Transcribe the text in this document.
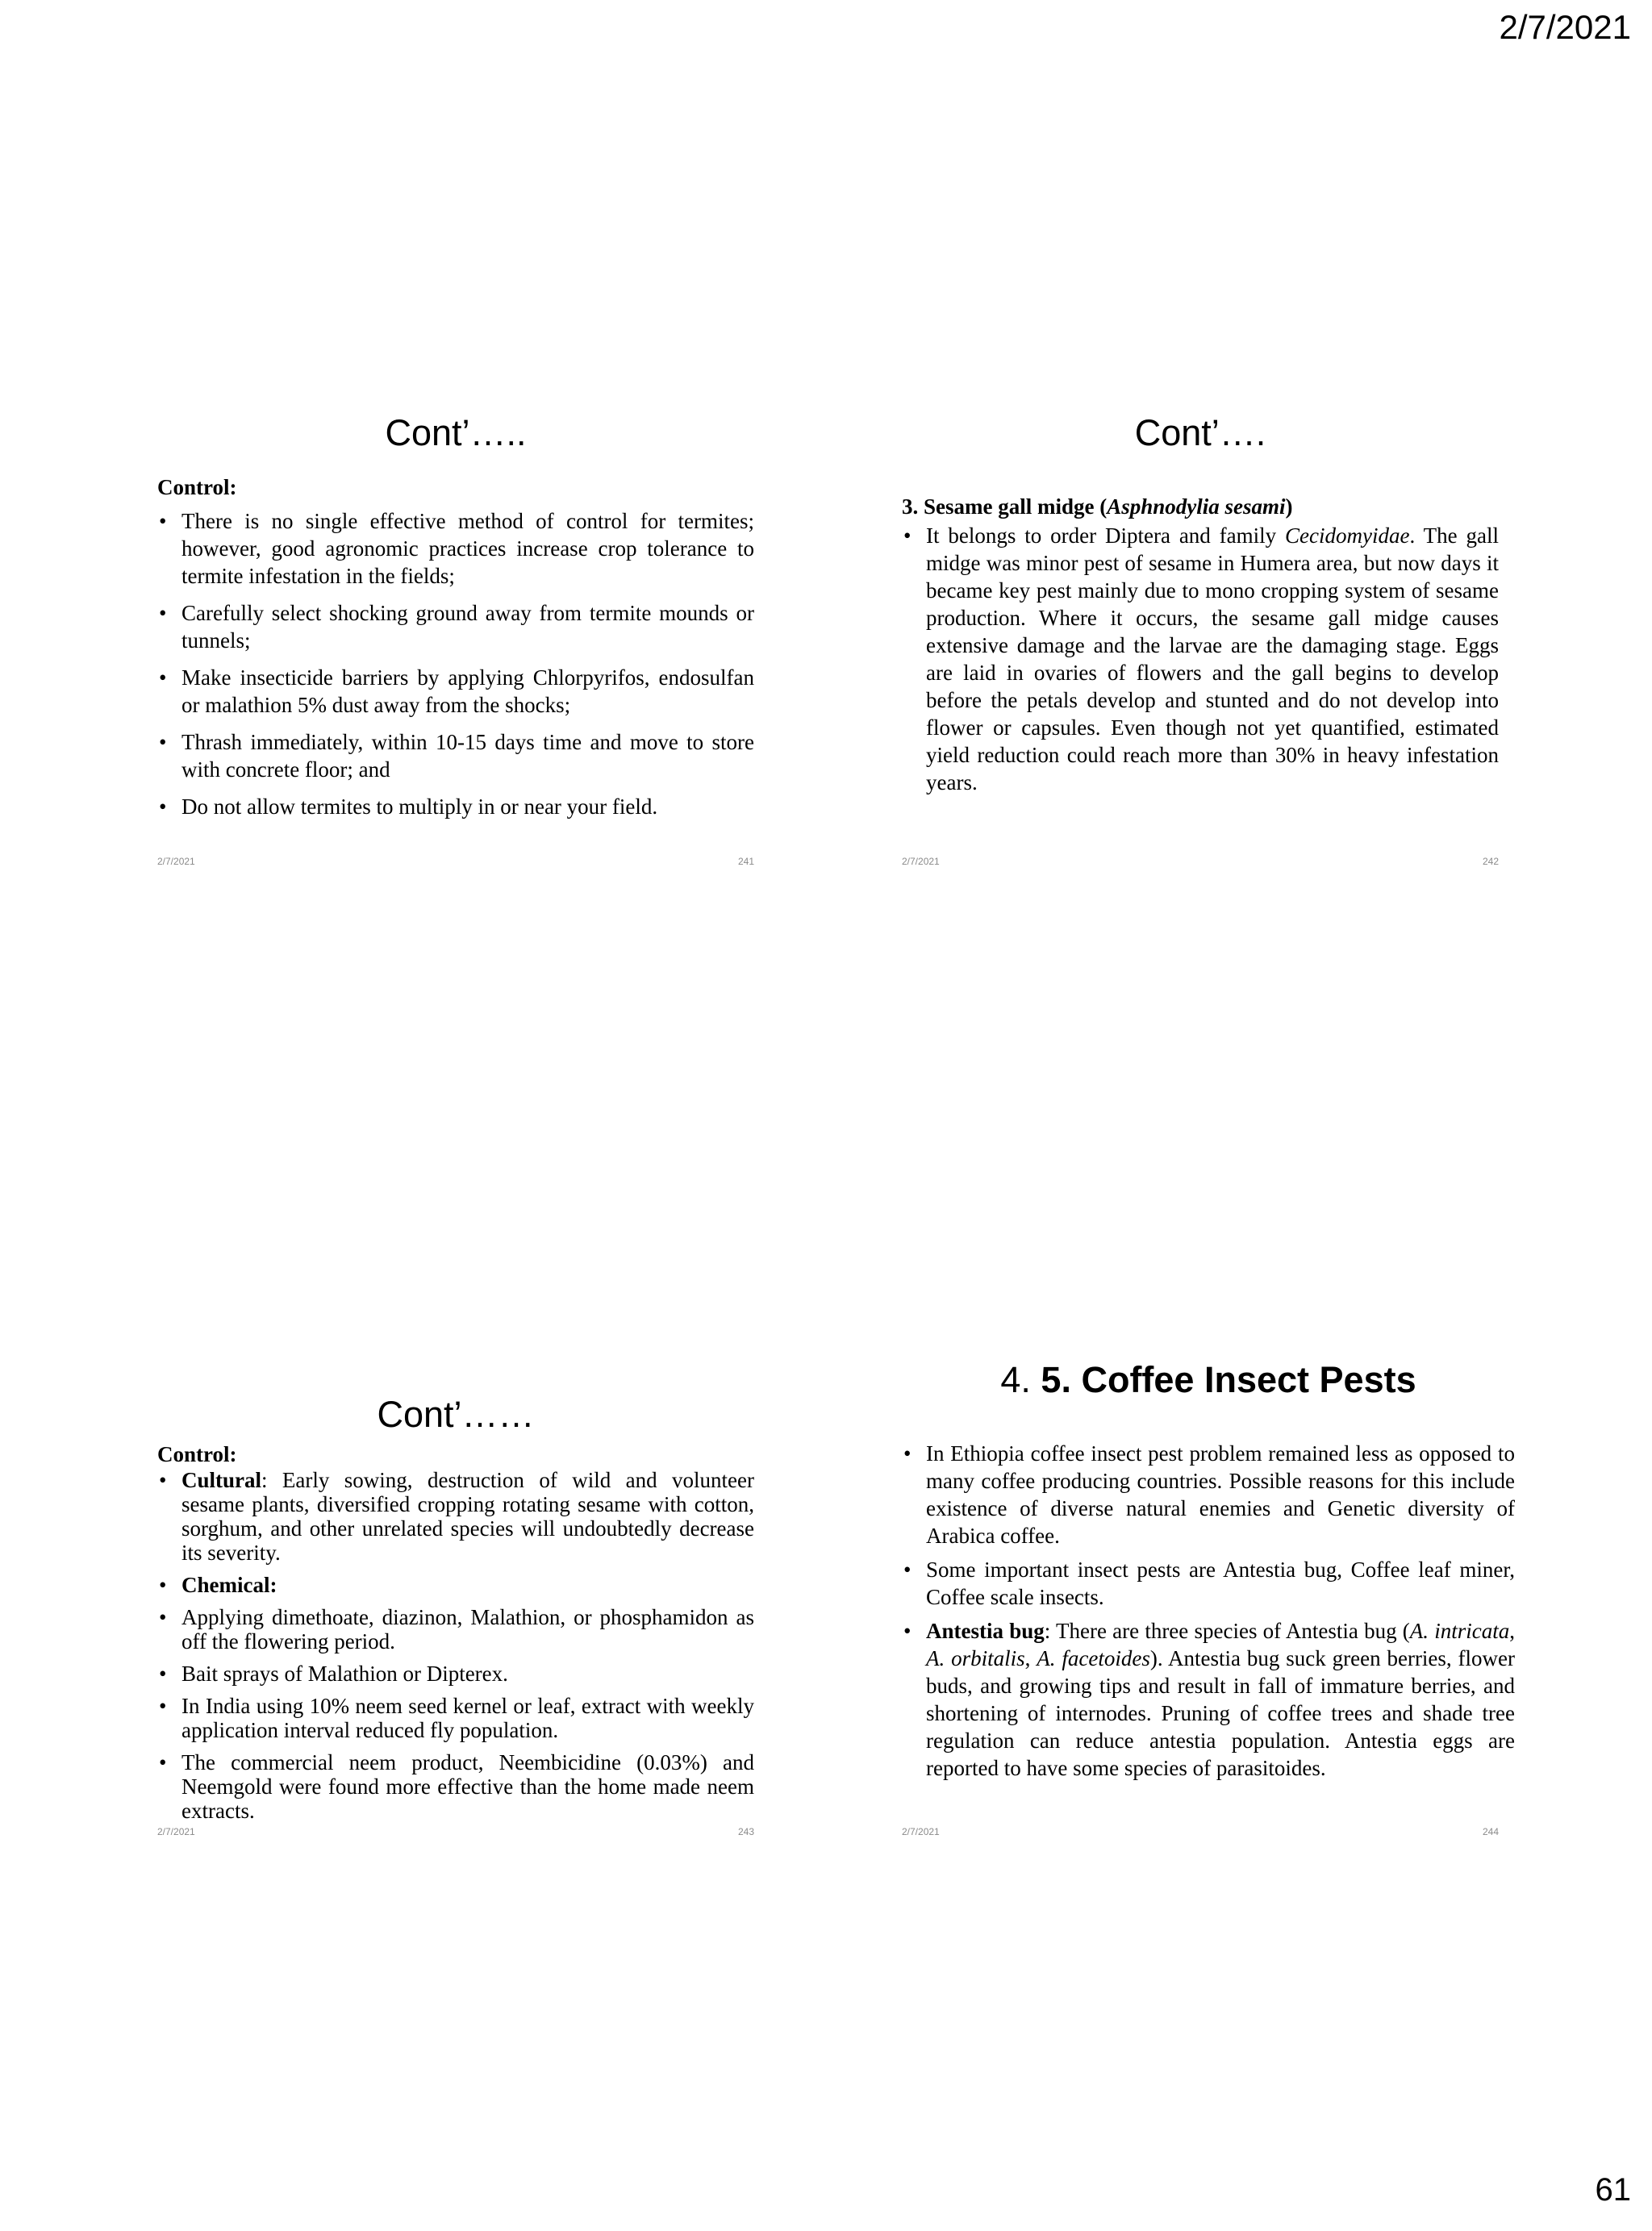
2/7/2021
Cont’…..
Control:
• There is no single effective method of control for termites; however, good agronomic practices increase crop tolerance to termite infestation in the fields;
• Carefully select shocking ground away from termite mounds or tunnels;
• Make insecticide barriers by applying Chlorpyrifos, endosulfan or malathion 5% dust away from the shocks;
• Thrash immediately, within 10-15 days time and move to store with concrete floor; and
• Do not allow termites to multiply in or near your field.
2/7/2021	241
Cont’….
3. Sesame gall midge (Asphnodylia sesami)
• It belongs to order Diptera and family Cecidomyidae. The gall midge was minor pest of sesame in Humera area, but now days it became key pest mainly due to mono cropping system of sesame production. Where it occurs, the sesame gall midge causes extensive damage and the larvae are the damaging stage. Eggs are laid in ovaries of flowers and the gall begins to develop before the petals develop and stunted and do not develop into flower or capsules. Even though not yet quantified, estimated yield reduction could reach more than 30% in heavy infestation years.
2/7/2021	242
Cont’……
Control:
• Cultural: Early sowing, destruction of wild and volunteer sesame plants, diversified cropping rotating sesame with cotton, sorghum, and other unrelated species will undoubtedly decrease its severity.
• Chemical:
• Applying dimethoate, diazinon, Malathion, or phosphamidon as off the flowering period.
• Bait sprays of Malathion or Dipterex.
• In India using 10% neem seed kernel or leaf, extract with weekly application interval reduced fly population.
• The commercial neem product, Neembicidine (0.03%) and Neemgold were found more effective than the home made neem extracts.
2/7/2021	243
4. 5. Coffee Insect Pests
• In Ethiopia coffee insect pest problem remained less as opposed to many coffee producing countries. Possible reasons for this include existence of diverse natural enemies and Genetic diversity of Arabica coffee.
• Some important insect pests are Antestia bug, Coffee leaf miner, Coffee scale insects.
• Antestia bug: There are three species of Antestia bug (A. intricata, A. orbitalis, A. facetoides). Antestia bug suck green berries, flower buds, and growing tips and result in fall of immature berries, and shortening of internodes. Pruning of coffee trees and shade tree regulation can reduce antestia population. Antestia eggs are reported to have some species of parasitoides.
2/7/2021	244
61
